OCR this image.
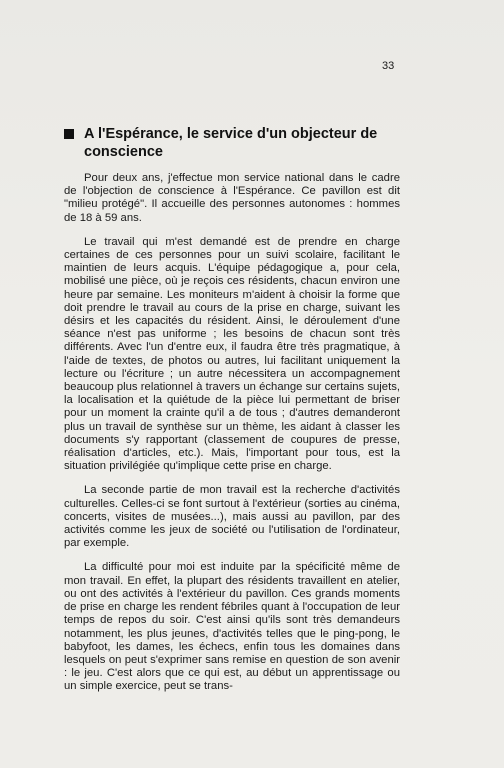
33
A l'Espérance, le service d'un objecteur de conscience

Pour deux ans, j'effectue mon service national dans le cadre de l'objection de conscience à l'Espérance. Ce pavillon est dit "milieu protégé". Il accueille des personnes autonomes : hommes de 18 à 59 ans.

Le travail qui m'est demandé est de prendre en charge certaines de ces personnes pour un suivi scolaire, facilitant le maintien de leurs acquis. L'équipe pédagogique a, pour cela, mobilisé une pièce, où je reçois ces résidents, chacun environ une heure par semaine. Les moniteurs m'aident à choisir la forme que doit prendre le travail au cours de la prise en charge, suivant les désirs et les capacités du résident. Ainsi, le déroulement d'une séance n'est pas uniforme ; les besoins de chacun sont très différents. Avec l'un d'entre eux, il faudra être très pragmatique, à l'aide de textes, de photos ou autres, lui facilitant uniquement la lecture ou l'écriture ; un autre nécessitera un accompagnement beaucoup plus relationnel à travers un échange sur certains sujets, la localisation et la quiétude de la pièce lui permettant de briser pour un moment la crainte qu'il a de tous ; d'autres demanderont plus un travail de synthèse sur un thème, les aidant à classer les documents s'y rapportant (classement de coupures de presse, réalisation d'articles, etc.). Mais, l'important pour tous, est la situation privilégiée qu'implique cette prise en charge.

La seconde partie de mon travail est la recherche d'activités culturelles. Celles-ci se font surtout à l'extérieur (sorties au cinéma, concerts, visites de musées...), mais aussi au pavillon, par des activités comme les jeux de société ou l'utilisation de l'ordinateur, par exemple.

La difficulté pour moi est induite par la spécificité même de mon travail. En effet, la plupart des résidents travaillent en atelier, ou ont des activités à l'extérieur du pavillon. Ces grands moments de prise en charge les rendent fébriles quant à l'occupation de leur temps de repos du soir. C'est ainsi qu'ils sont très demandeurs notamment, les plus jeunes, d'activités telles que le ping-pong, le babyfoot, les dames, les échecs, enfin tous les domaines dans lesquels on peut s'exprimer sans remise en question de son avenir : le jeu. C'est alors que ce qui est, au début un apprentissage ou un simple exercice, peut se trans-
